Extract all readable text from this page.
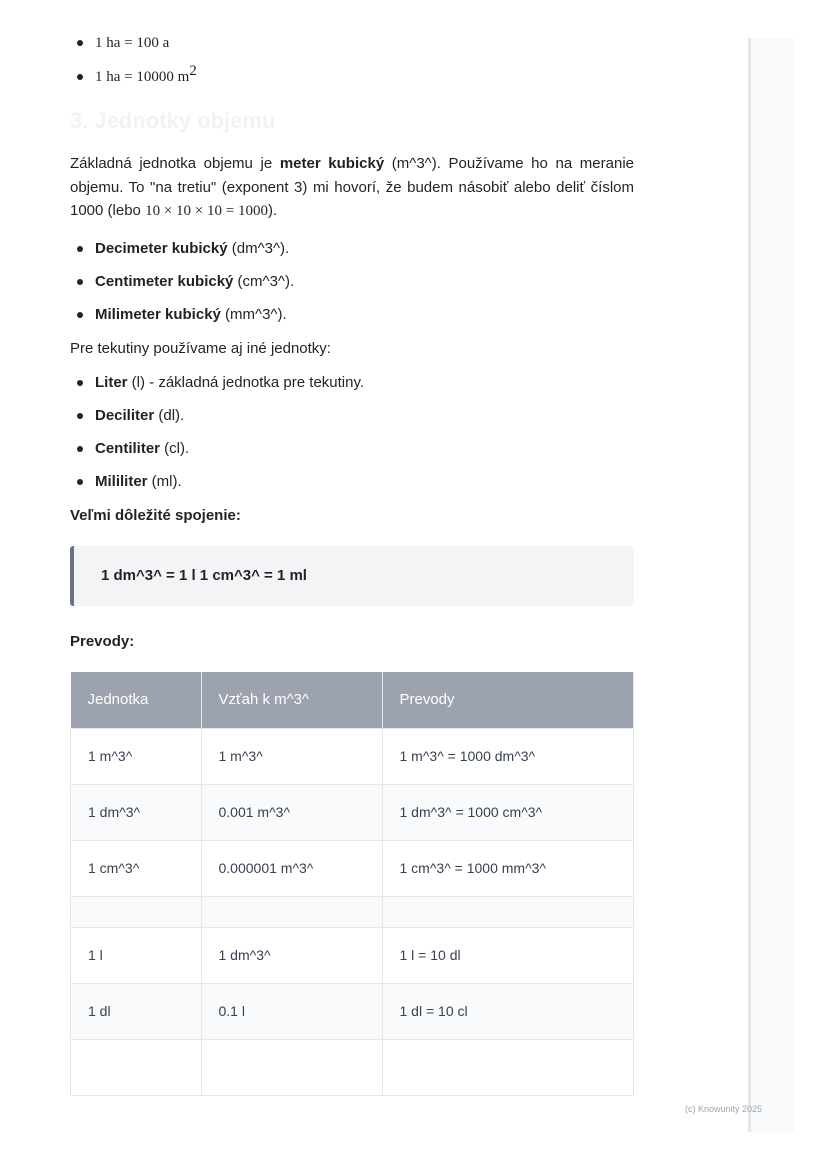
1 ha = 100 a
1 ha = 10000 $m^2$
3. Jednotky objemu

Základná jednotka objemu je meter kubický (m^3^). Používame ho na meranie objemu. To "na tretiu" (exponent 3) mi hovorí, že budem násobiť alebo deliť číslom 1000 (lebo 10 × 10 × 10 = 1000).

Decimeter kubický (dm^3^).
Centimeter kubický (cm^3^).
Milimeter kubický (mm^3^).

Pre tekutiny používame aj iné jednotky:

Liter (l) - základná jednotka pre tekutiny.
Deciliter (dl).
Centiliter (cl).
Mililiter (ml).

Veľmi dôležité spojenie:

1 dm^3^ = 1 l 1 cm^3^ = 1 ml

Prevody:

Jednotka	Vzťah k m^3^	Prevody
1 m^3^	1 m^3^	1 m^3^ = 1000 dm^3^
1 dm^3^	0.001 m^3^	1 dm^3^ = 1000 cm^3^
1 cm^3^	0.000001 m^3^	1 cm^3^ = 1000 mm^3^

1 l	1 dm^3^	1 l = 10 dl
1 dl	0.1 l	1 dl = 10 cl

(c) Knowunity 2025
